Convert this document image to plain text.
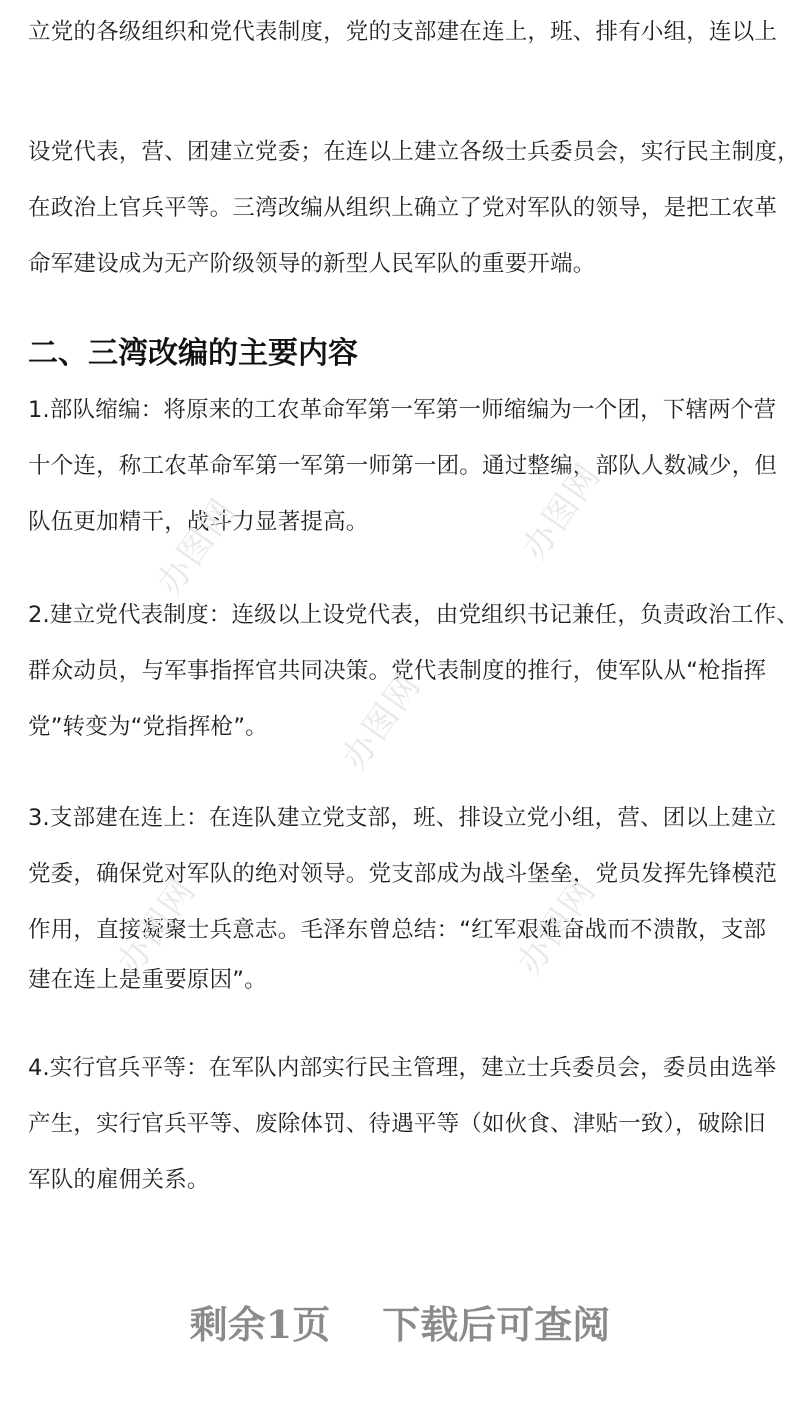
立党的各级组织和党代表制度，党的支部建在连上，班、排有小组，连以上
设党代表，营、团建立党委；在连以上建立各级士兵委员会，实行民主制度，
在政治上官兵平等。三湾改编从组织上确立了党对军队的领导，是把工农革
命军建设成为无产阶级领导的新型人民军队的重要开端。
二、三湾改编的主要内容
1.部队缩编：将原来的工农革命军第一军第一师缩编为一个团，下辖两个营
十个连，称工农革命军第一军第一师第一团。通过整编，部队人数减少，但
队伍更加精干，战斗力显著提高。
2.建立党代表制度：连级以上设党代表，由党组织书记兼任，负责政治工作、
群众动员，与军事指挥官共同决策。党代表制度的推行，使军队从“枪指挥
党”转变为“党指挥枪”。
3.支部建在连上：在连队建立党支部，班、排设立党小组，营、团以上建立
党委，确保党对军队的绝对领导。党支部成为战斗堡垒，党员发挥先锋模范
作用，直接凝聚士兵意志。毛泽东曾总结：“红军艰难奋战而不溃散，支部
建在连上是重要原因”。
4.实行官兵平等：在军队内部实行民主管理，建立士兵委员会，委员由选举
产生，实行官兵平等、废除体罚、待遇平等（如伙食、津贴一致），破除旧
军队的雇佣关系。
办图网	办图网
办图网
办图网	办图网
剩余1页 下载后可查阅
